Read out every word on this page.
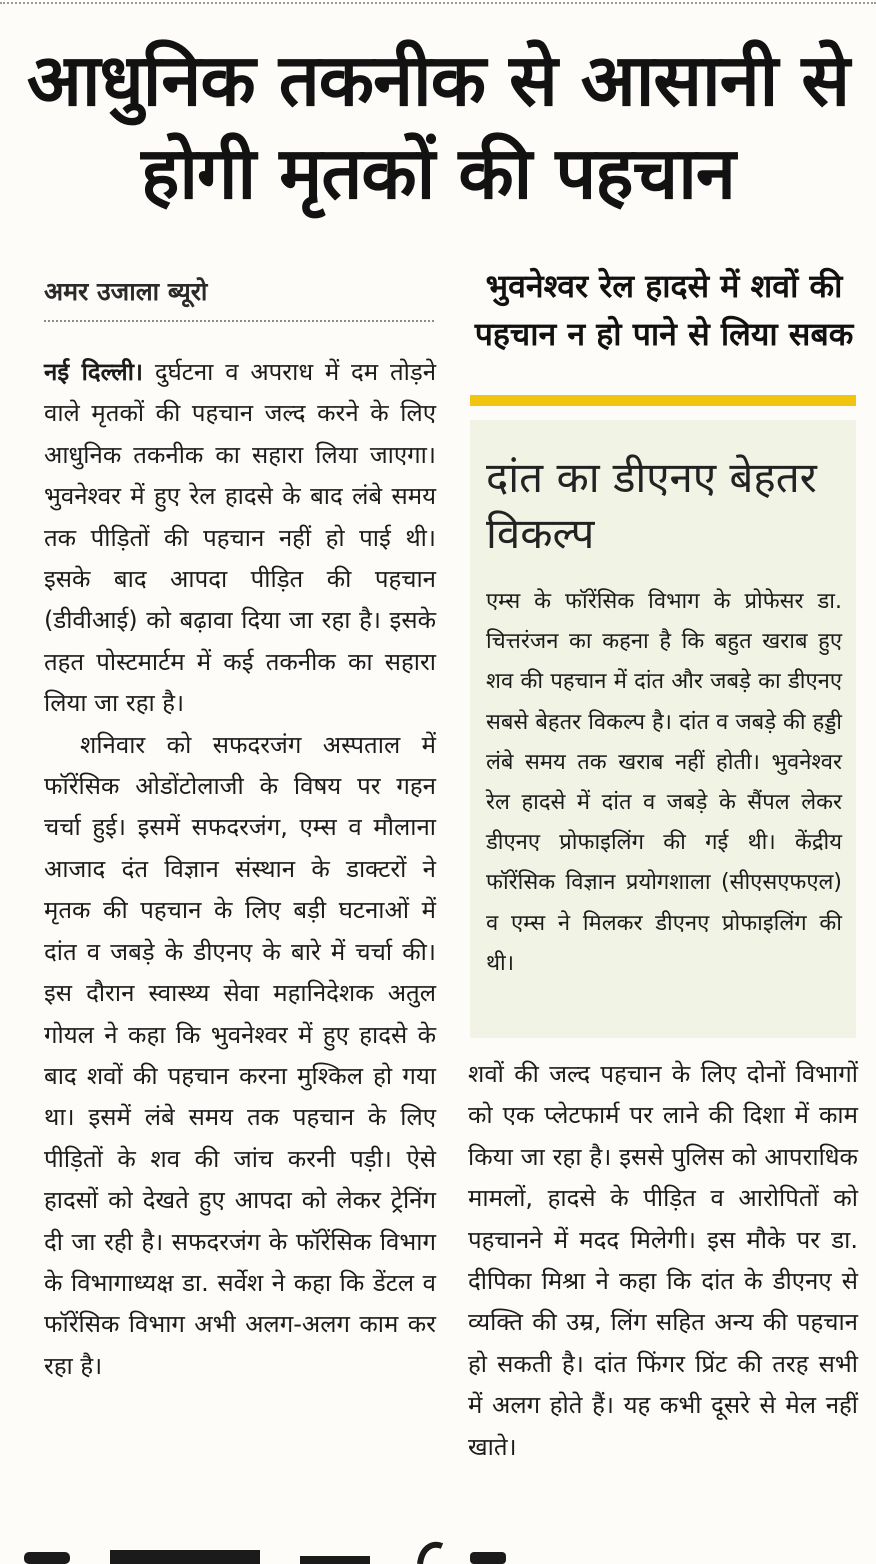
आधुनिक तकनीक से आसानी से होगी मृतकों की पहचान
अमर उजाला ब्यूरो

नई दिल्ली। दुर्घटना व अपराध में दम तोड़ने वाले मृतकों की पहचान जल्द करने के लिए आधुनिक तकनीक का सहारा लिया जाएगा। भुवनेश्वर में हुए रेल हादसे के बाद लंबे समय तक पीड़ितों की पहचान नहीं हो पाई थी। इसके बाद आपदा पीड़ित की पहचान (डीवीआई) को बढ़ावा दिया जा रहा है। इसके तहत पोस्टमार्टम में कई तकनीक का सहारा लिया जा रहा है।

शनिवार को सफदरजंग अस्पताल में फॉरेंसिक ओडोंटोलाजी के विषय पर गहन चर्चा हुई। इसमें सफदरजंग, एम्स व मौलाना आजाद दंत विज्ञान संस्थान के डाक्टरों ने मृतक की पहचान के लिए बड़ी घटनाओं में दांत व जबड़े के डीएनए के बारे में चर्चा की। इस दौरान स्वास्थ्य सेवा महानिदेशक अतुल गोयल ने कहा कि भुवनेश्वर में हुए हादसे के बाद शवों की पहचान करना मुश्किल हो गया था। इसमें लंबे समय तक पहचान के लिए पीड़ितों के शव की जांच करनी पड़ी। ऐसे हादसों को देखते हुए आपदा को लेकर ट्रेनिंग दी जा रही है। सफदरजंग के फॉरेंसिक विभाग के विभागाध्यक्ष डा. सर्वेश ने कहा कि डेंटल व फॉरेंसिक विभाग अभी अलग-अलग काम कर रहा है।

भुवनेश्वर रेल हादसे में शवों की पहचान न हो पाने से लिया सबक
दांत का डीएनए बेहतर विकल्प

एम्स के फॉरेंसिक विभाग के प्रोफेसर डा. चित्तरंजन का कहना है कि बहुत खराब हुए शव की पहचान में दांत और जबड़े का डीएनए सबसे बेहतर विकल्प है। दांत व जबड़े की हड्डी लंबे समय तक खराब नहीं होती। भुवनेश्वर रेल हादसे में दांत व जबड़े के सैंपल लेकर डीएनए प्रोफाइलिंग की गई थी। केंद्रीय फॉरेंसिक विज्ञान प्रयोगशाला (सीएसएफएल) व एम्स ने मिलकर डीएनए प्रोफाइलिंग की थी।

शवों की जल्द पहचान के लिए दोनों विभागों को एक प्लेटफार्म पर लाने की दिशा में काम किया जा रहा है। इससे पुलिस को आपराधिक मामलों, हादसे के पीड़ित व आरोपितों को पहचानने में मदद मिलेगी। इस मौके पर डा. दीपिका मिश्रा ने कहा कि दांत के डीएनए से व्यक्ति की उम्र, लिंग सहित अन्य की पहचान हो सकती है। दांत फिंगर प्रिंट की तरह सभी में अलग होते हैं। यह कभी दूसरे से मेल नहीं खाते।
